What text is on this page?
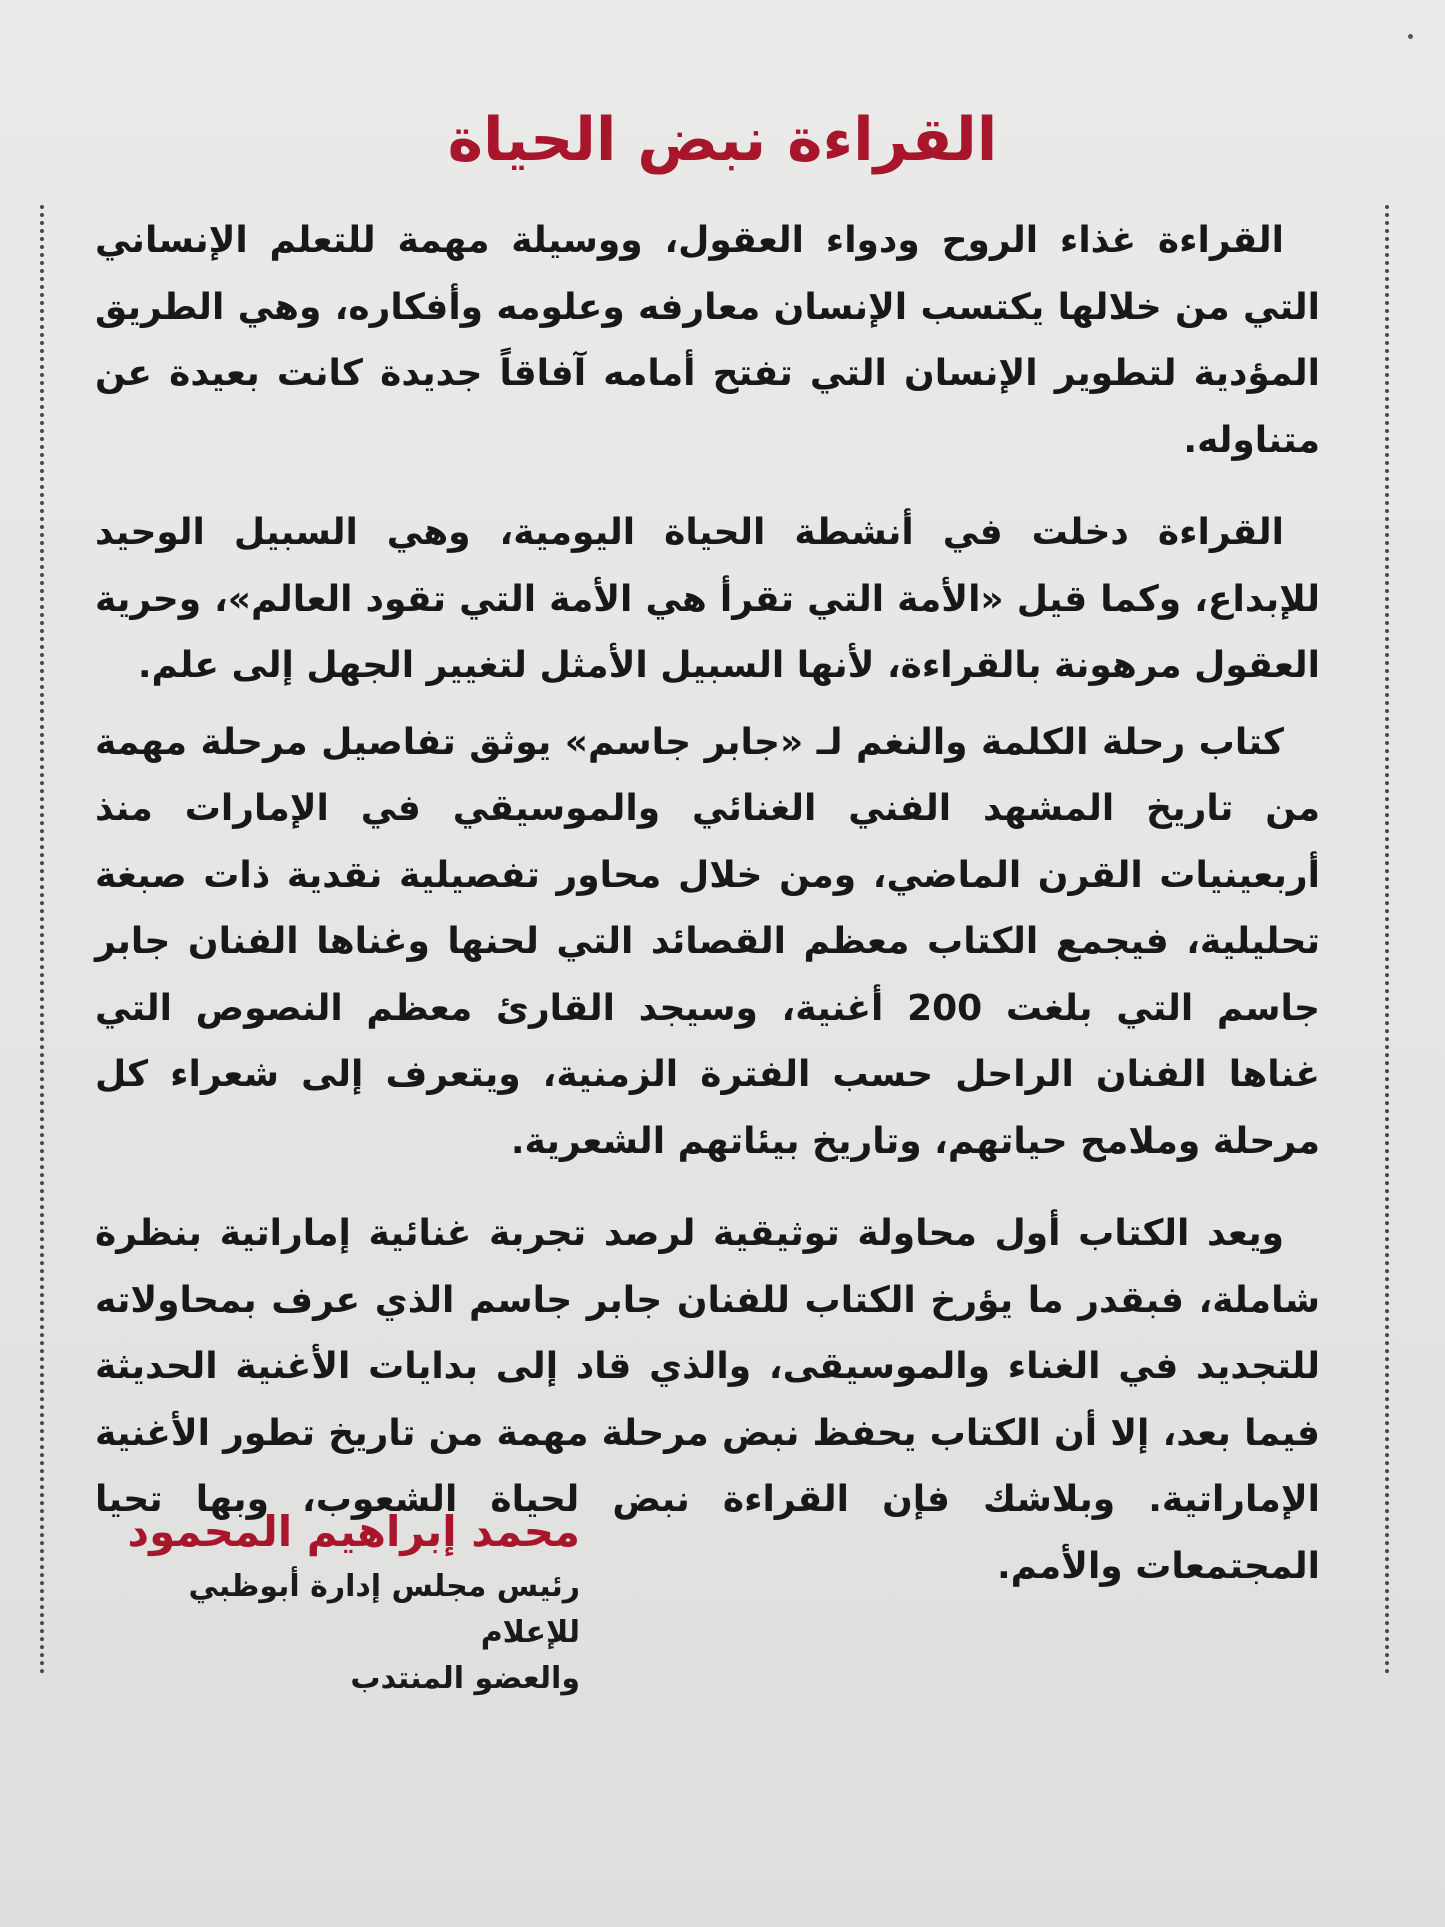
القراءة نبض الحياة

القراءة غذاء الروح ودواء العقول، ووسيلة مهمة للتعلم الإنساني التي من خلالها يكتسب الإنسان معارفه وعلومه وأفكاره، وهي الطريق المؤدية لتطوير الإنسان التي تفتح أمامه آفاقاً جديدة كانت بعيدة عن متناوله.

القراءة دخلت في أنشطة الحياة اليومية، وهي السبيل الوحيد للإبداع، وكما قيل «الأمة التي تقرأ هي الأمة التي تقود العالم»، وحرية العقول مرهونة بالقراءة، لأنها السبيل الأمثل لتغيير الجهل إلى علم.

كتاب رحلة الكلمة والنغم لـ «جابر جاسم» يوثق تفاصيل مرحلة مهمة من تاريخ المشهد الفني الغنائي والموسيقي في الإمارات منذ أربعينيات القرن الماضي، ومن خلال محاور تفصيلية نقدية ذات صبغة تحليلية، فيجمع الكتاب معظم القصائد التي لحنها وغناها الفنان جابر جاسم التي بلغت 200 أغنية، وسيجد القارئ معظم النصوص التي غناها الفنان الراحل حسب الفترة الزمنية، ويتعرف إلى شعراء كل مرحلة وملامح حياتهم، وتاريخ بيئاتهم الشعرية.

ويعد الكتاب أول محاولة توثيقية لرصد تجربة غنائية إماراتية بنظرة شاملة، فبقدر ما يؤرخ الكتاب للفنان جابر جاسم الذي عرف بمحاولاته للتجديد في الغناء والموسيقى، والذي قاد إلى بدايات الأغنية الحديثة فيما بعد، إلا أن الكتاب يحفظ نبض مرحلة مهمة من تاريخ تطور الأغنية الإماراتية. وبلاشك فإن القراءة نبض لحياة الشعوب، وبها تحيا المجتمعات والأمم.

محمد إبراهيم المحمود

رئيس مجلس إدارة أبوظبي للإعلام

والعضو المنتدب
